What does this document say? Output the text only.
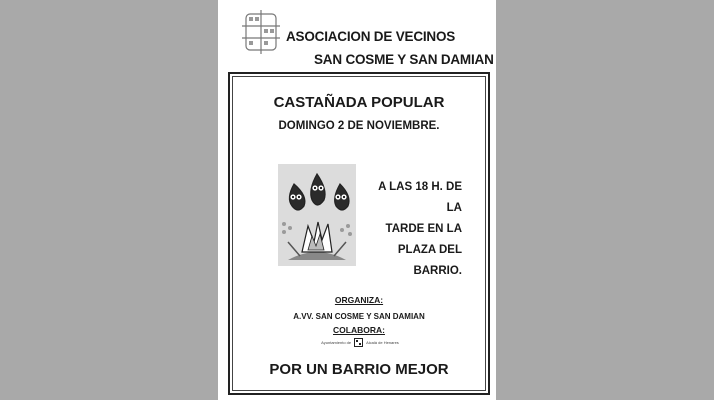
ASOCIACION DE VECINOS
SAN COSME Y SAN DAMIAN
CASTAÑADA POPULAR
DOMINGO 2 DE NOVIEMBRE.
A LAS 18 H. DE LA
TARDE EN LA
PLAZA DEL
BARRIO.
ORGANIZA:
A.VV. SAN COSME Y SAN DAMIAN
COLABORA:
Ayuntamiento de	Alcalá de Henares
POR UN BARRIO MEJOR
